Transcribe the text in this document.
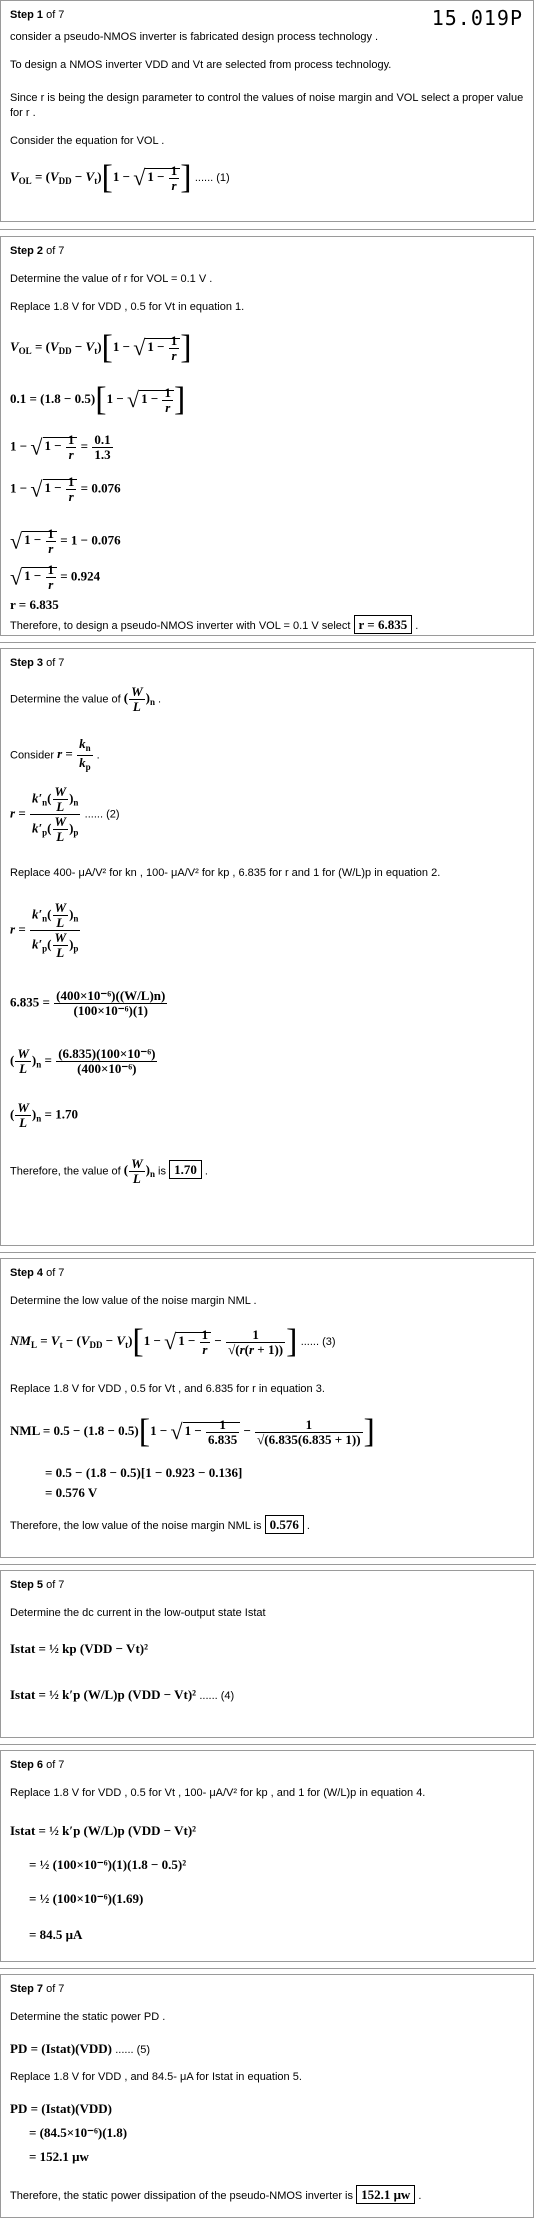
Step 1 of 7	15.019P
consider a pseudo-NMOS inverter is fabricated design process technology .
To design a NMOS inverter VDD and Vt are selected from process technology.
Since r is being the design parameter to control the values of noise margin and VOL select a proper value
for r .
Consider the equation for VOL .
$V_{OL} = (V_{DD} - V_t)[1$ − √ $1 - \frac{1}{r}$ ] ...... (1)
Step 2 of 7
Determine the value of r for VOL = 0.1 V .
Replace 1.8 V for VDD , 0.5 for Vt in equation 1.
$V_{OL} = (V_{DD} - V_t)[1$ − √ $1 - \frac{1}{r}$ ]
0.1 = (1.8 − 0.5)[1 − √ $1 - \frac{1}{r}$ ]
1 − √ $1 - \frac{1}{r} = \frac{0.1}{1.3}$
1 − √ $1 - \frac{1}{r} = 0.076$
√ $1 - \frac{1}{r} = 1 - 0.076$
√ $1 - \frac{1}{r} = 0.924$
r = 6.835
Therefore, to design a pseudo-NMOS inverter with VOL = 0.1 V select r = 6.835 .
Step 3 of 7
Determine the value of ( $\frac{W}{L} )_n$ .
Consider $r = \frac{k_n}{k_p}$ .
$r = \frac{k'_n( \frac{W}{L} )_n}{k'_p( \frac{W}{L} )_p}$ ...... (2)
Replace 400- μA/V² for kn , 100- μA/V² for kp , 6.835 for r and 1 for (W/L)p in equation 2.
$r = \frac{k'_n( \frac{W}{L} )_n}{k'_p( \frac{W}{L} )_p}$
$6.835 = \frac{\text{(400×10⁻⁶)((W/L)n)}}{\text{(100×10⁻⁶)(1)}}$
( $\frac{W}{L} )_n = \frac{\text{(6.835)(100×10⁻⁶)}}{\text{(400×10⁻⁶)}}$
( $\frac{W}{L} )_n = 1.70$
Therefore, the value of ( $\frac{W}{L} )_n$ is 1.70 .
Step 4 of 7
Determine the low value of the noise margin NML .
$NM_L = V_t - (V_{DD} - V_t)[1$ − √ $1 - \frac{1}{r} - \frac{1}{√(r(r + 1))}$ ] ...... (3)
Replace 1.8 V for VDD , 0.5 for Vt , and 6.835 for r in equation 3.
NML = 0.5 − (1.8 − 0.5)[1 − √ $1 - \frac{1}{6.835} - \frac{1}{√(6.835(6.835 + 1))}$ ]
= 0.5 − (1.8 − 0.5)[1 − 0.923 − 0.136]
= 0.576 V
Therefore, the low value of the noise margin NML is 0.576 .
Step 5 of 7
Determine the dc current in the low-output state Istat
Istat = ½ kp (VDD − Vt)²
Istat = ½ k′p (W/L)p (VDD − Vt)² ...... (4)
Step 6 of 7
Replace 1.8 V for VDD , 0.5 for Vt , 100- μA/V² for kp , and 1 for (W/L)p in equation 4.
Istat = ½ k′p (W/L)p (VDD − Vt)²
= ½ (100×10⁻⁶)(1)(1.8 − 0.5)²
= ½ (100×10⁻⁶)(1.69)
= 84.5 μA
Step 7 of 7
Determine the static power PD .
PD = (Istat)(VDD) ...... (5)
Replace 1.8 V for VDD , and 84.5- μA for Istat in equation 5.
PD = (Istat)(VDD)
= (84.5×10⁻⁶)(1.8)
= 152.1 μw
Therefore, the static power dissipation of the pseudo-NMOS inverter is 152.1 μw .
